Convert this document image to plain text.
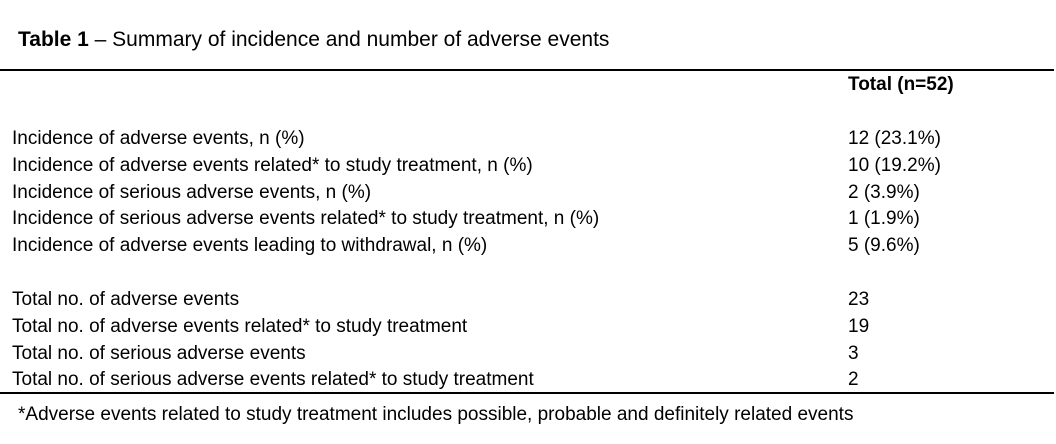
Table 1 – Summary of incidence and number of adverse events
Total (n=52)
Incidence of adverse events, n (%)	12 (23.1%)
Incidence of adverse events related* to study treatment, n (%)	10 (19.2%)
Incidence of serious adverse events, n (%)	2 (3.9%)
Incidence of serious adverse events related* to study treatment, n (%)	1 (1.9%)
Incidence of adverse events leading to withdrawal, n (%)	5 (9.6%)
Total no. of adverse events	23
Total no. of adverse events related* to study treatment	19
Total no. of serious adverse events	3
Total no. of serious adverse events related* to study treatment	2
*Adverse events related to study treatment includes possible, probable and definitely related events
